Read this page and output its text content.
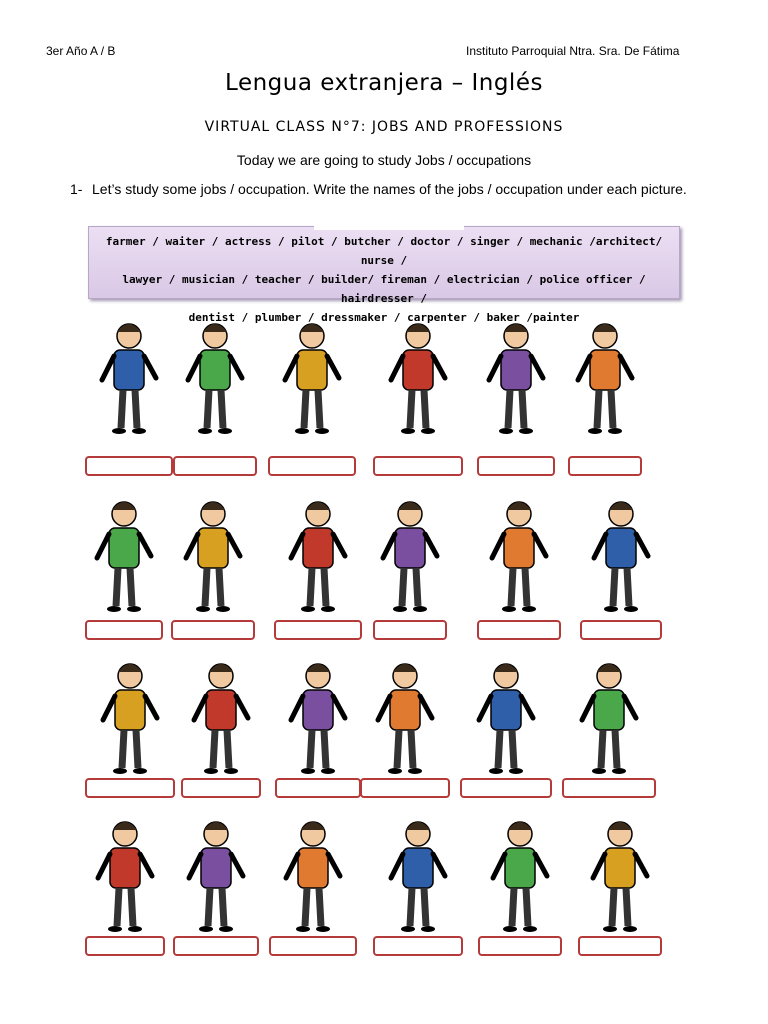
3er Año A / B	Instituto Parroquial Ntra. Sra. De Fátima
Lengua extranjera – Inglés
VIRTUAL CLASS N°7: JOBS AND PROFESSIONS
Today we are going to study Jobs / occupations
1- Let’s study some jobs / occupation. Write the names of the jobs / occupation under each picture.
farmer / waiter / actress / pilot / butcher / doctor / singer / mechanic /architect/ nurse /
lawyer / musician / teacher / builder/ fireman / electrician / police officer / hairdresser /
dentist / plumber / dressmaker / carpenter / baker /painter
